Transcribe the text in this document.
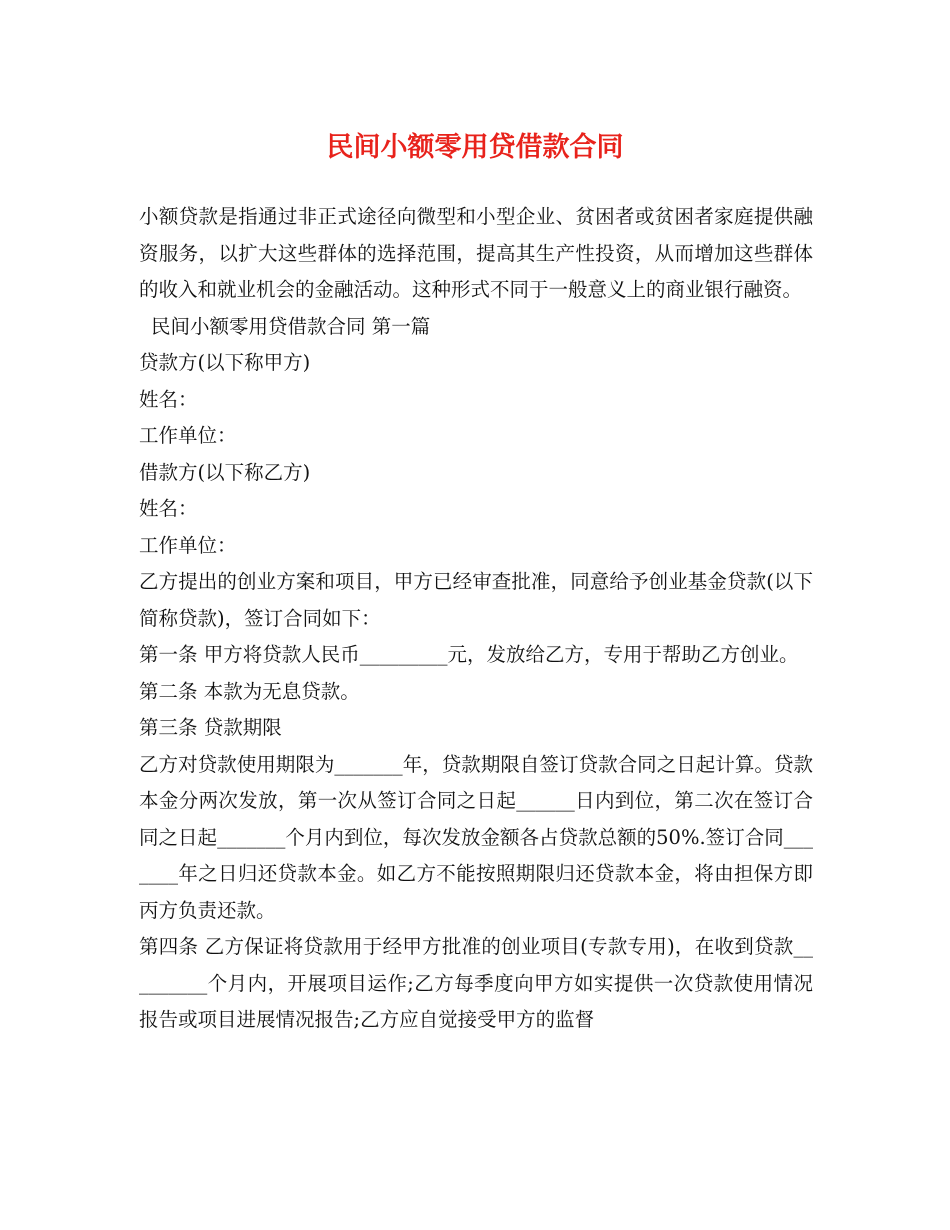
民间小额零用贷借款合同

小额贷款是指通过非正式途径向微型和小型企业、贫困者或贫困者家庭提供融资服务，以扩大这些群体的选择范围，提高其生产性投资，从而增加这些群体的收入和就业机会的金融活动。这种形式不同于一般意义上的商业银行融资。

民间小额零用贷借款合同 第一篇

贷款方(以下称甲方)

姓名：

工作单位：

借款方(以下称乙方)

姓名：

工作单位：

乙方提出的创业方案和项目，甲方已经审查批准，同意给予创业基金贷款(以下简称贷款)，签订合同如下：

第一条 甲方将贷款人民币_________元，发放给乙方，专用于帮助乙方创业。

第二条 本款为无息贷款。

第三条 贷款期限

乙方对贷款使用期限为_______年，贷款期限自签订贷款合同之日起计算。贷款本金分两次发放，第一次从签订合同之日起______日内到位，第二次在签订合同之日起_______个月内到位，每次发放金额各占贷款总额的50%.签订合同_______年之日归还贷款本金。如乙方不能按照期限归还贷款本金，将由担保方即丙方负责还款。

第四条 乙方保证将贷款用于经甲方批准的创业项目(专款专用)，在收到贷款_________个月内，开展项目运作;乙方每季度向甲方如实提供一次贷款使用情况报告或项目进展情况报告;乙方应自觉接受甲方的监督
